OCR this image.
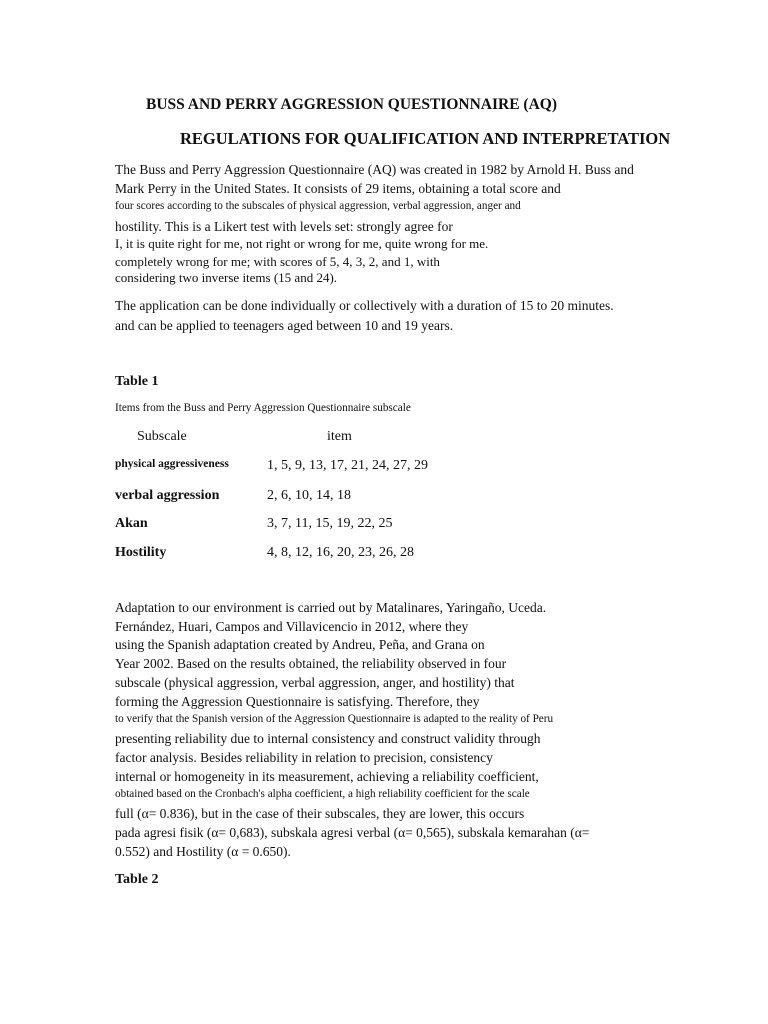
BUSS AND PERRY AGGRESSION QUESTIONNAIRE (AQ)
REGULATIONS FOR QUALIFICATION AND INTERPRETATION
The Buss and Perry Aggression Questionnaire (AQ) was created in 1982 by Arnold H. Buss and
Mark Perry in the United States. It consists of 29 items, obtaining a total score and
four scores according to the subscales of physical aggression, verbal aggression, anger and
hostility. This is a Likert test with levels set: strongly agree for
I, it is quite right for me, not right or wrong for me, quite wrong for me.
completely wrong for me; with scores of 5, 4, 3, 2, and 1, with
considering two inverse items (15 and 24).
The application can be done individually or collectively with a duration of 15 to 20 minutes.
and can be applied to teenagers aged between 10 and 19 years.
Table 1
Items from the Buss and Perry Aggression Questionnaire subscale
Subscale	item
physical aggressiveness	1, 5, 9, 13, 17, 21, 24, 27, 29
verbal aggression	2, 6, 10, 14, 18
Akan	3, 7, 11, 15, 19, 22, 25
Hostility	4, 8, 12, 16, 20, 23, 26, 28
Adaptation to our environment is carried out by Matalinares, Yaringaño, Uceda.
Fernández, Huari, Campos and Villavicencio in 2012, where they
using the Spanish adaptation created by Andreu, Peña, and Grana on
Year 2002. Based on the results obtained, the reliability observed in four
subscale (physical aggression, verbal aggression, anger, and hostility) that
forming the Aggression Questionnaire is satisfying. Therefore, they
to verify that the Spanish version of the Aggression Questionnaire is adapted to the reality of Peru
presenting reliability due to internal consistency and construct validity through
factor analysis. Besides reliability in relation to precision, consistency
internal or homogeneity in its measurement, achieving a reliability coefficient,
obtained based on the Cronbach's alpha coefficient, a high reliability coefficient for the scale
full (α= 0.836), but in the case of their subscales, they are lower, this occurs
pada agresi fisik (α= 0,683), subskala agresi verbal (α= 0,565), subskala kemarahan (α=
0.552) and Hostility (α = 0.650).
Table 2
